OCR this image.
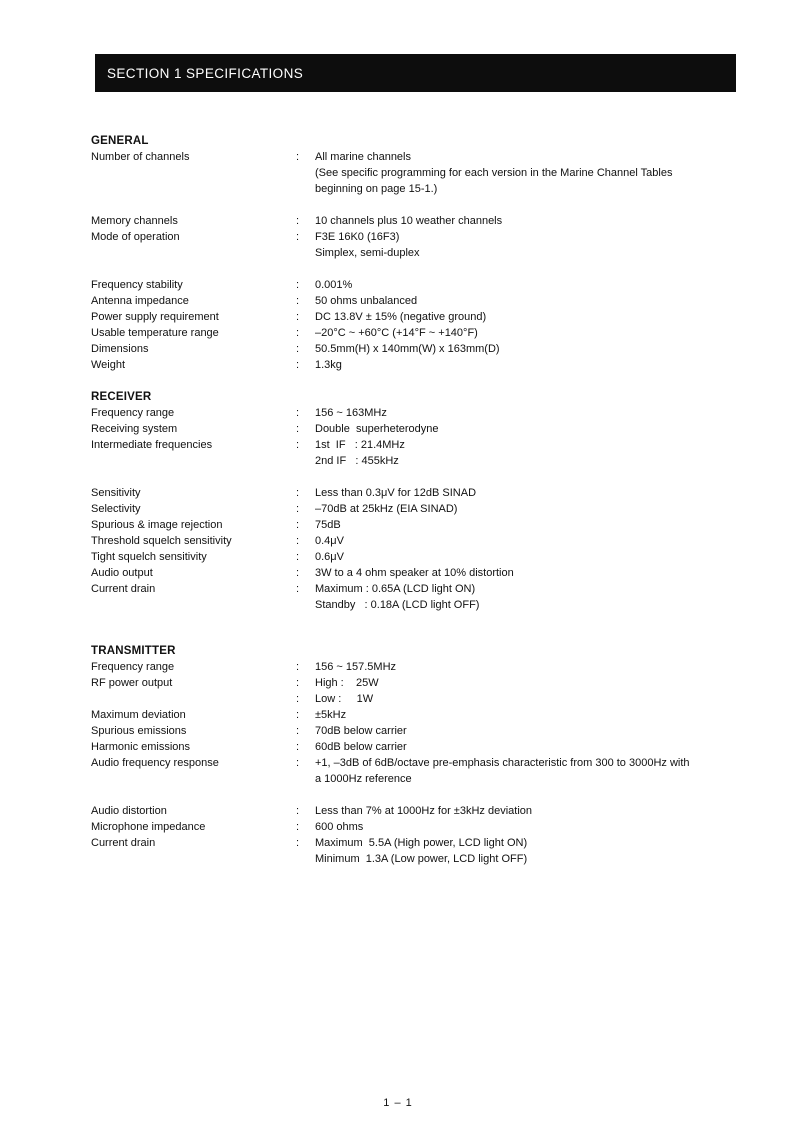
SECTION 1 SPECIFICATIONS
GENERAL
Number of channels	:	All marine channels
(See specific programming for each version in the Marine Channel Tables
beginning on page 15-1.)
Memory channels	:	10 channels plus 10 weather channels
Mode of operation	:	F3E 16K0 (16F3)
Simplex, semi-duplex
Frequency stability	:	0.001%
Antenna impedance	:	50 ohms unbalanced
Power supply requirement	:	DC 13.8V ± 15% (negative ground)
Usable temperature range	:	–20°C ~ +60°C (+14°F ~ +140°F)
Dimensions	:	50.5mm(H) x 140mm(W) x 163mm(D)
Weight	:	1.3kg
RECEIVER
Frequency range	:	156 ~ 163MHz
Receiving system	:	Double  superheterodyne
Intermediate frequencies	:	1st  IF   : 21.4MHz
2nd IF   : 455kHz
Sensitivity	:	Less than 0.3μV for 12dB SINAD
Selectivity	:	–70dB at 25kHz (EIA SINAD)
Spurious & image rejection	:	75dB
Threshold squelch sensitivity	:	0.4μV
Tight squelch sensitivity	:	0.6μV
Audio output	:	3W to a 4 ohm speaker at 10% distortion
Current drain	:	Maximum : 0.65A (LCD light ON)
Standby   : 0.18A (LCD light OFF)
TRANSMITTER
Frequency range	:	156 ~ 157.5MHz
RF power output	:	High :    25W
:	Low :     1W
Maximum deviation	:	±5kHz
Spurious emissions	:	70dB below carrier
Harmonic emissions	:	60dB below carrier
Audio frequency response	:	+1, –3dB of 6dB/octave pre-emphasis characteristic from 300 to 3000Hz with
a 1000Hz reference
Audio distortion	:	Less than 7% at 1000Hz for ±3kHz deviation
Microphone impedance	:	600 ohms
Current drain	:	Maximum  5.5A (High power, LCD light ON)
Minimum  1.3A (Low power, LCD light OFF)
1 – 1
